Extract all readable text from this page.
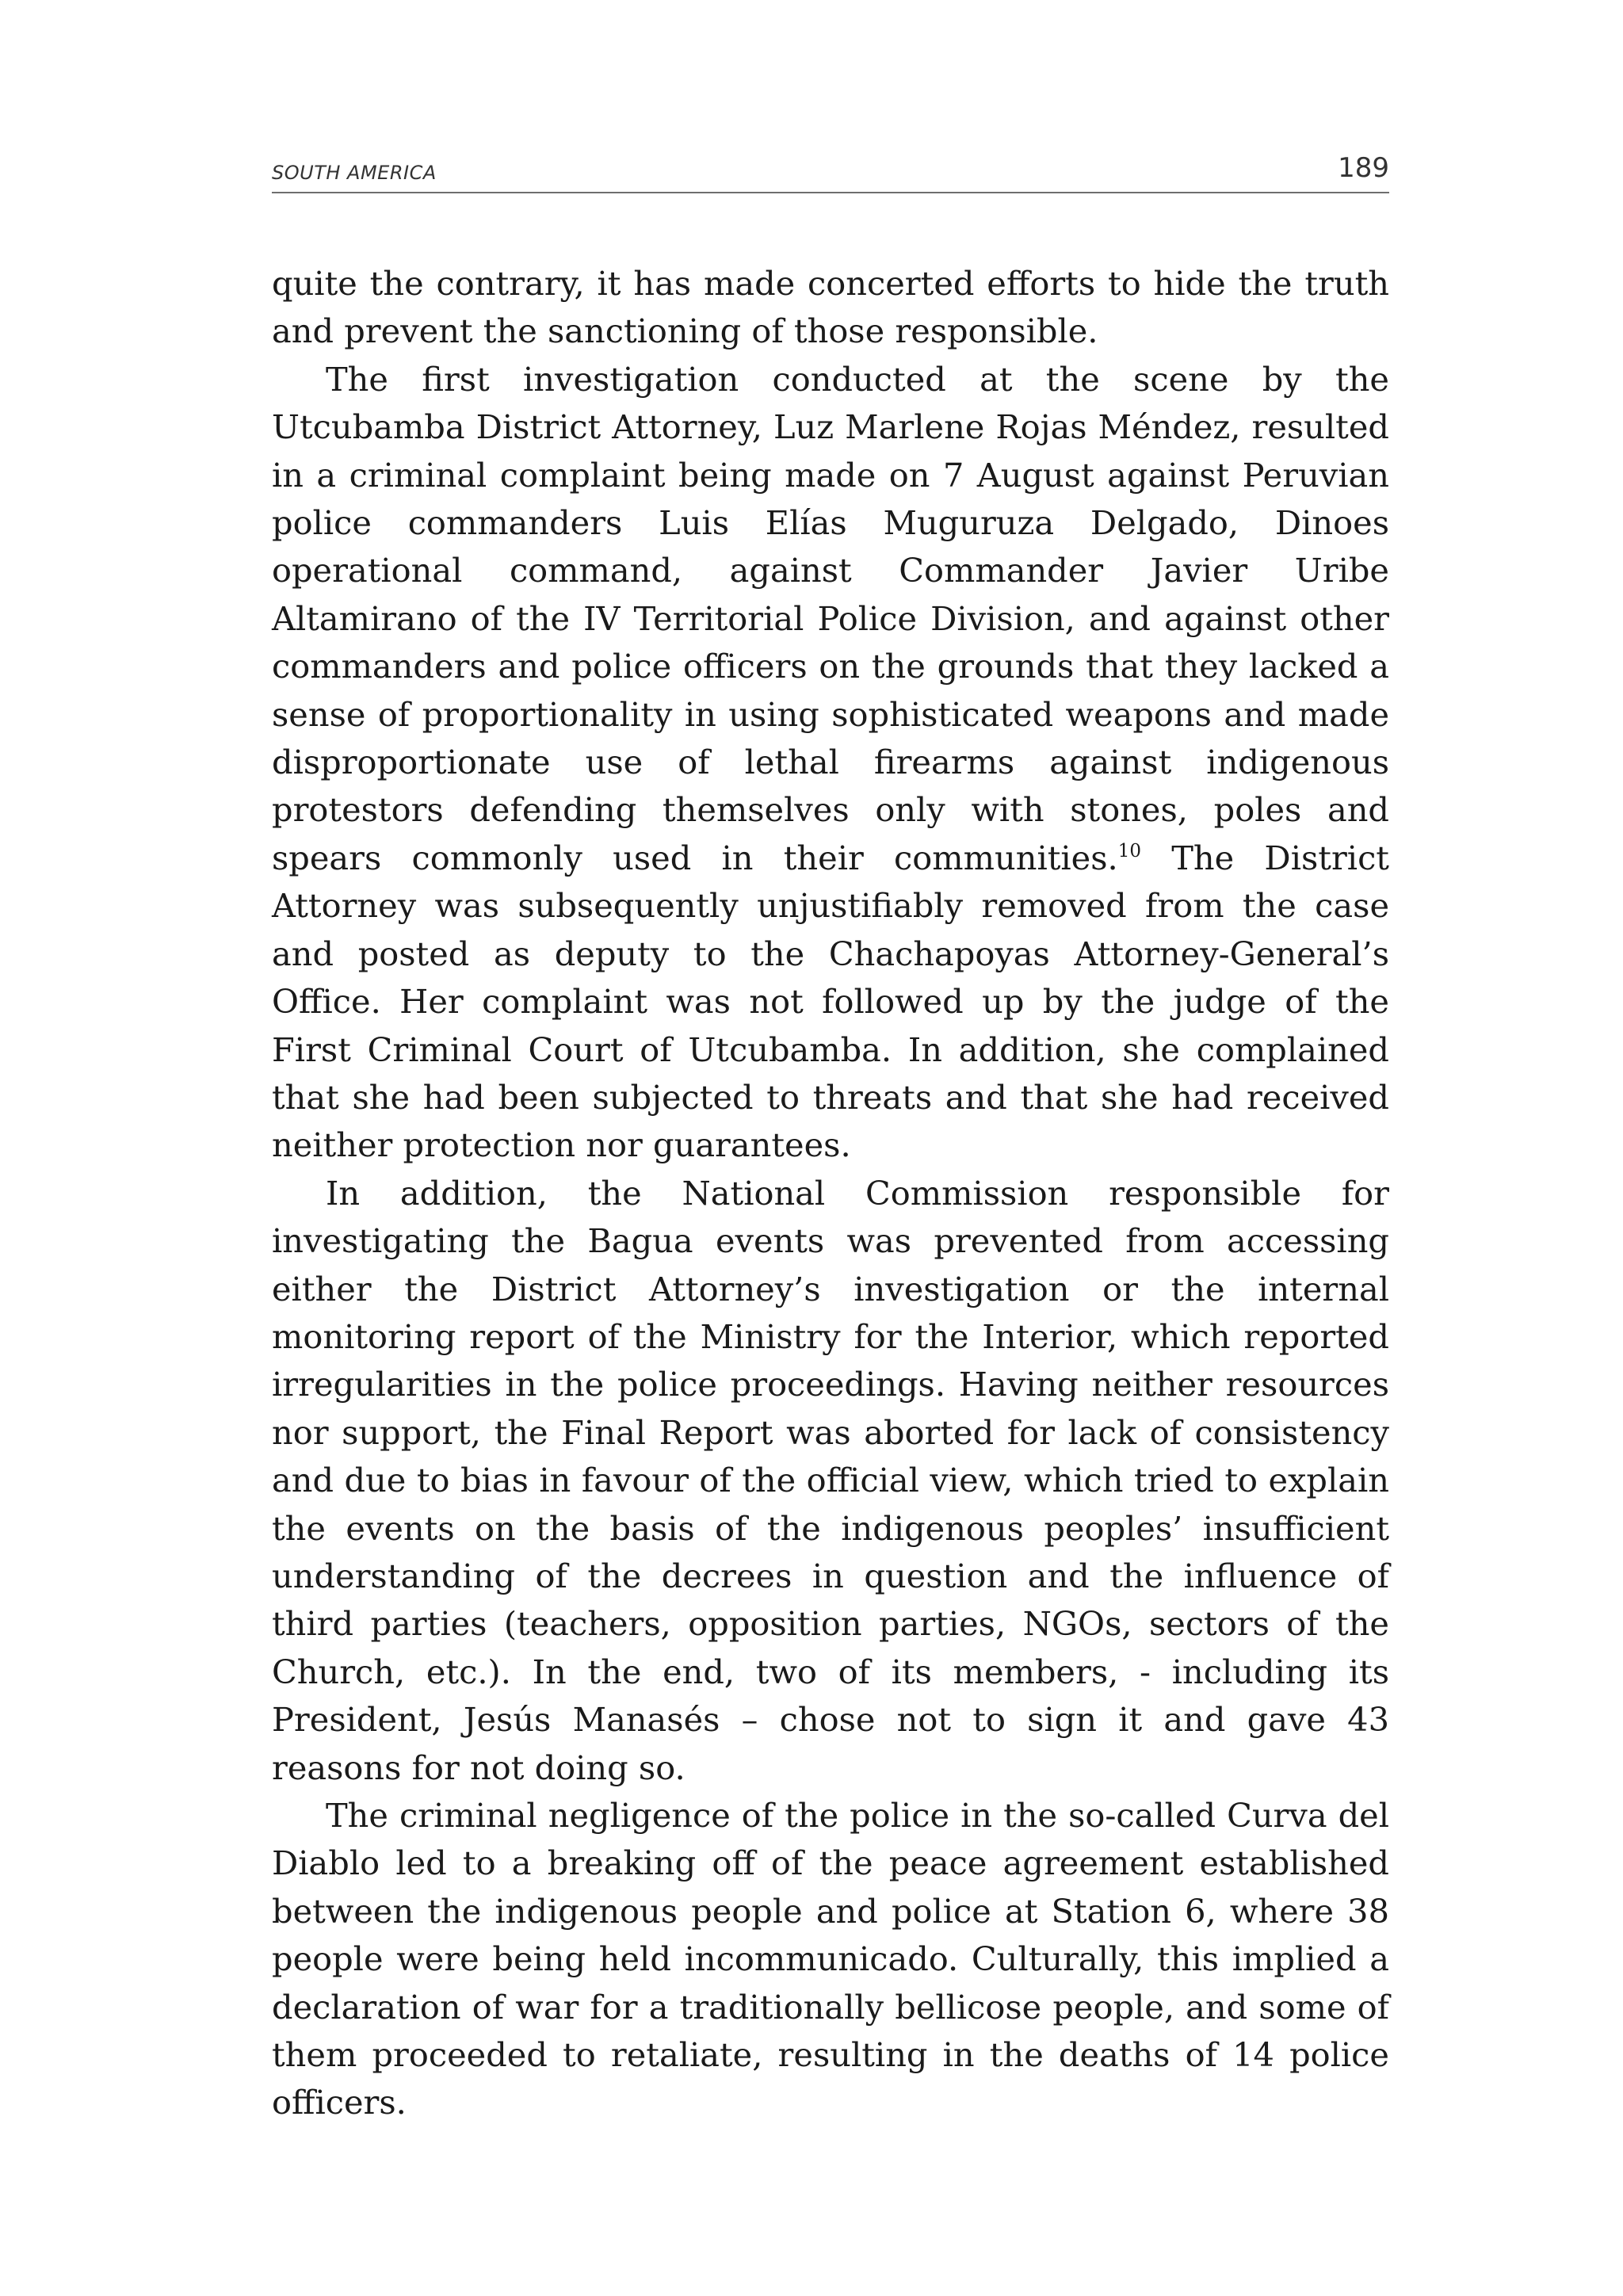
SOUTH AMERICA	189

quite the contrary, it has made concerted efforts to hide the truth and prevent the sanctioning of those responsible.

The first investigation conducted at the scene by the Utcubamba District Attorney, Luz Marlene Rojas Méndez, resulted in a criminal complaint being made on 7 August against Peruvian police commanders Luis Elías Muguruza Delgado, Dinoes operational command, against Commander Javier Uribe Altamirano of the IV Territorial Police Division, and against other commanders and police officers on the grounds that they lacked a sense of proportionality in using sophisticated weapons and made disproportionate use of lethal firearms against indigenous protestors defending themselves only with stones, poles and spears commonly used in their communities.$^{10}$ The District Attorney was subsequently unjustifiably removed from the case and posted as deputy to the Chachapoyas Attorney-General’s Office. Her complaint was not followed up by the judge of the First Criminal Court of Utcubamba. In addition, she complained that she had been subjected to threats and that she had received neither protection nor guarantees.

In addition, the National Commission responsible for investigating the Bagua events was prevented from accessing either the District Attorney’s investigation or the internal monitoring report of the Ministry for the Interior, which reported irregularities in the police proceedings. Having neither resources nor support, the Final Report was aborted for lack of consistency and due to bias in favour of the official view, which tried to explain the events on the basis of the indigenous peoples’ insufficient understanding of the decrees in question and the influence of third parties (teachers, opposition parties, NGOs, sectors of the Church, etc.). In the end, two of its members, - including its President, Jesús Manasés – chose not to sign it and gave 43 reasons for not doing so.

The criminal negligence of the police in the so-called Curva del Diablo led to a breaking off of the peace agreement established between the indigenous people and police at Station 6, where 38 people were being held incommunicado. Culturally, this implied a declaration of war for a traditionally bellicose people, and some of them proceeded to retaliate, resulting in the deaths of 14 police officers.
